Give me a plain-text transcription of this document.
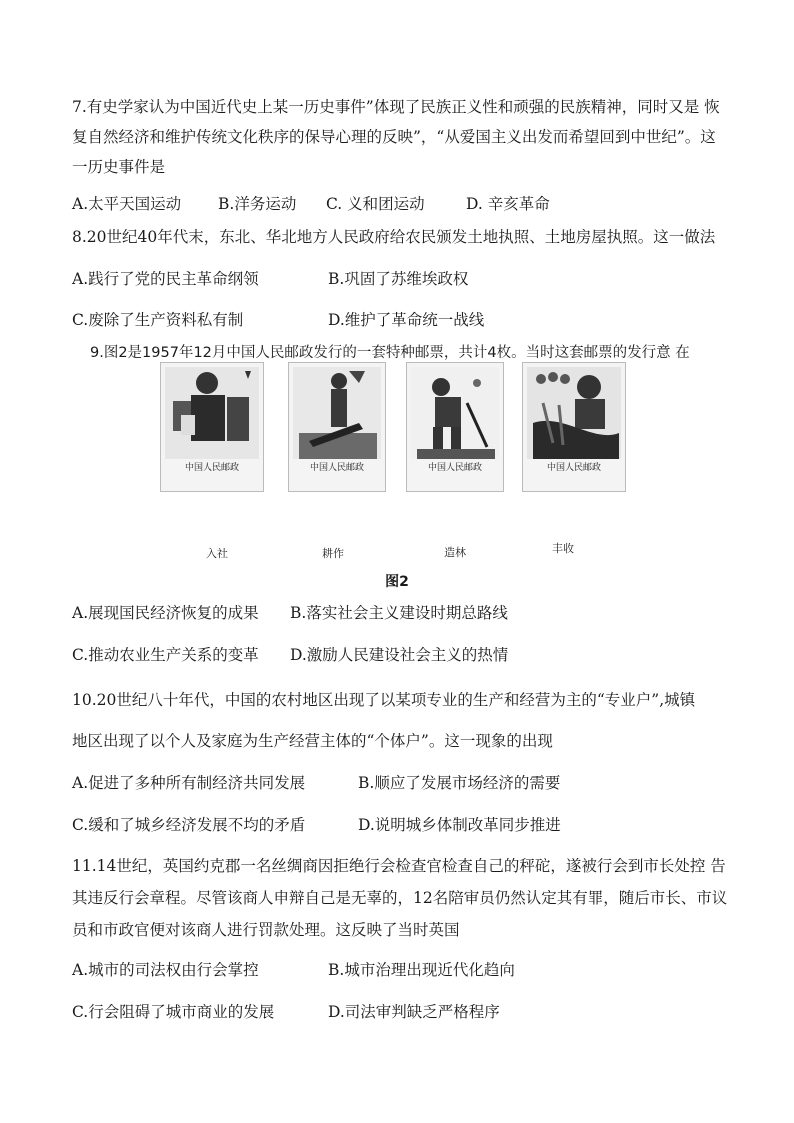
7.有史学家认为中国近代史上某一历史事件”体现了民族正义性和顽强的民族精神，同时又是 恢
复自然经济和维护传统文化秩序的保导心理的反映”，“从爱国主义出发而希望回到中世纪”。这
一历史事件是
A.太平天国运动 B.洋务运动 C. 义和团运动	D. 辛亥革命
8.20世纪40年代末，东北、华北地方人民政府给农民颁发土地执照、土地房屋执照。这一做法
A.践行了党的民主革命纲领	B.巩固了苏维埃政权
C.废除了生产资料私有制	D.维护了革命统一战线
9.图2是1957年12月中国人民邮政发行的一套特种邮票，共计4枚。当时这套邮票的发行意 在
中国人民邮政	中国人民邮政	中国人民邮政	中国人民邮政
入社	耕作	造林	丰收
图2
A.展现国民经济恢复的成果 B.落实社会主义建设时期总路线
C.推动农业生产关系的变革 D.激励人民建设社会主义的热情
10.20世纪八十年代，中国的农村地区出现了以某项专业的生产和经营为主的“专业户”,城镇
地区出现了以个人及家庭为生产经营主体的“个体户”。这一现象的出现
A.促进了多种所有制经济共同发展	B.顺应了发展市场经济的需要
C.缓和了城乡经济发展不均的矛盾	D.说明城乡体制改革同步推进
11.14世纪，英国约克郡一名丝绸商因拒绝行会检查官检查自己的秤砣，遂被行会到市长处控 告
其违反行会章程。尽管该商人申辩自己是无辜的，12名陪审员仍然认定其有罪，随后市长、市议
员和市政官便对该商人进行罚款处理。这反映了当时英国
A.城市的司法权由行会掌控	B.城市治理出现近代化趋向
C.行会阻碍了城市商业的发展	D.司法审判缺乏严格程序
